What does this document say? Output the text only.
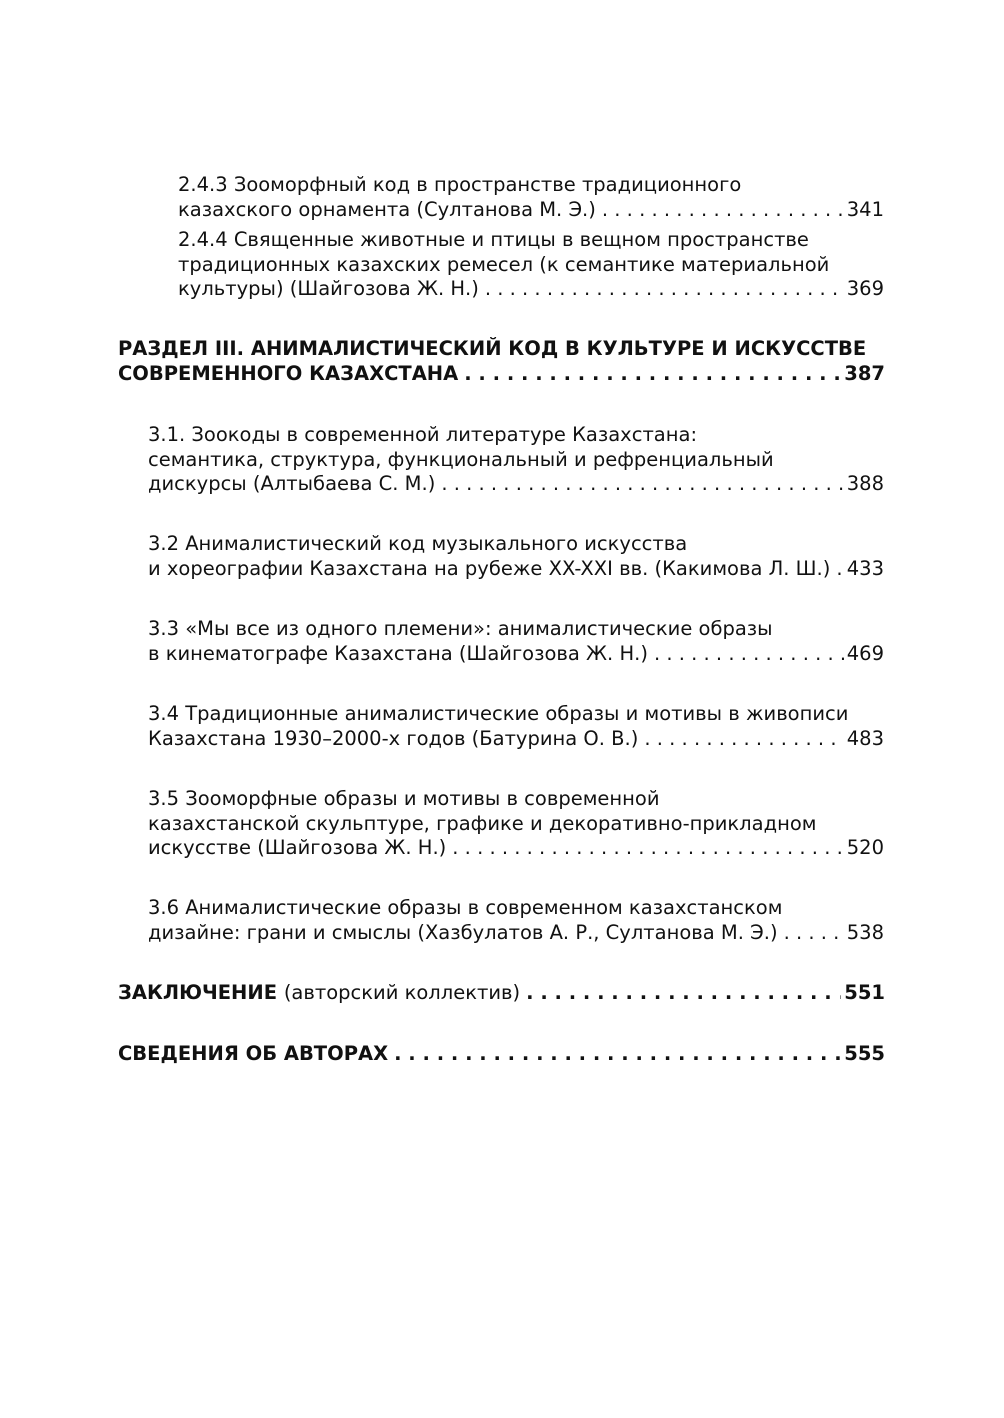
2.4.3 Зооморфный код в пространстве традиционного
казахского орнамента (Султанова М. Э.) . . .	341
2.4.4 Священные животные и птицы в вещном пространстве
традиционных казахских ремесел (к семантике материальной
культуры) (Шайгозова Ж. Н.) . . .	369
РАЗДЕЛ III. АНИМАЛИСТИЧЕСКИЙ КОД В КУЛЬТУРЕ И ИСКУССТВЕ
СОВРЕМЕННОГО КАЗАХСТАНА . . .	387
3.1. Зоокоды в современной литературе Казахстана:
семантика, структура, функциональный и рефренциальный
дискурсы (Алтыбаева С. М.) . . .	388
3.2 Анималистический код музыкального искусства
и хореографии Казахстана на рубеже XX-XXI вв. (Какимова Л. Ш.) . . . 433
3.3 «Мы все из одного племени»: анималистические образы
в кинематографе Казахстана (Шайгозова Ж. Н.) . . .	469
3.4 Традиционные анималистические образы и мотивы в живописи
Казахстана 1930–2000-х годов (Батурина О. В.) . . .	483
3.5 Зооморфные образы и мотивы в современной
казахстанской скульптуре, графике и декоративно-прикладном
искусстве (Шайгозова Ж. Н.) . . .	520
3.6 Анималистические образы в современном казахстанском
дизайне: грани и смыслы (Хазбулатов А. Р., Султанова М. Э.) . . .	538
ЗАКЛЮЧЕНИЕ (авторский коллектив) . . .	551
СВЕДЕНИЯ ОБ АВТОРАХ . . .	555
